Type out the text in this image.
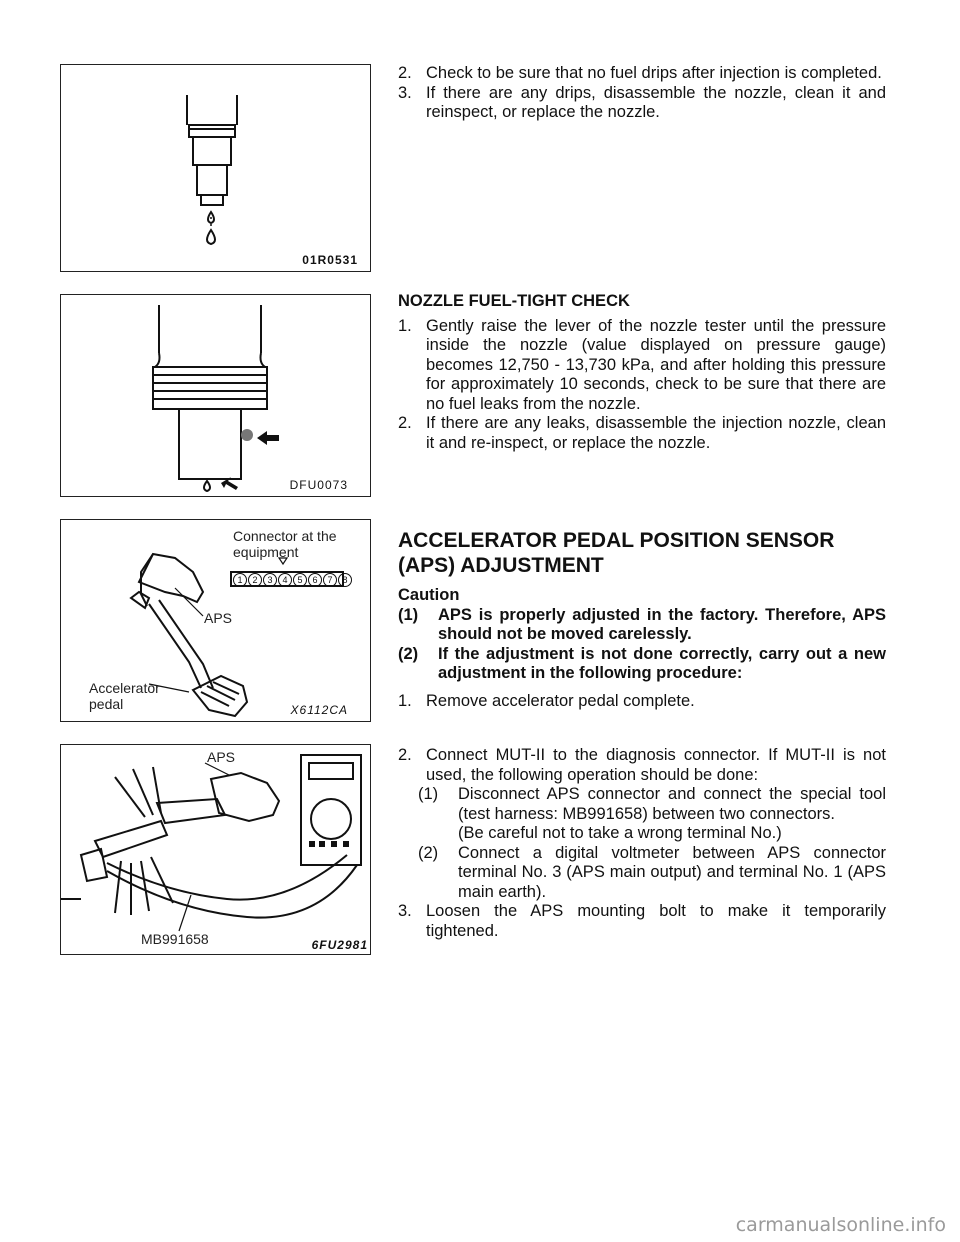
01R0531
DFU0073
1	2	3	4	5	6	7	8
Connector at the
equipment
APS
Accelerator
pedal	X6112CA
APS
MB991658	6FU2981
2. Check to be sure that no fuel drips after injection is completed.
3. If there are any drips, disassemble the nozzle, clean it and reinspect, or replace the nozzle.
NOZZLE FUEL-TIGHT CHECK
1. Gently raise the lever of the nozzle tester until the pressure inside the nozzle (value displayed on pressure gauge) becomes 12,750 - 13,730 kPa, and after holding this pressure for approximately 10 seconds, check to be sure that there are no fuel leaks from the nozzle.
2. If there are any leaks, disassemble the injection nozzle, clean it and re-inspect, or replace the nozzle.
ACCELERATOR PEDAL POSITION SENSOR (APS) ADJUSTMENT
Caution
(1) APS is properly adjusted in the factory. Therefore, APS should not be moved carelessly.
(2) If the adjustment is not done correctly, carry out a new adjustment in the following procedure:
1. Remove accelerator pedal complete.
2. Connect MUT-II to the diagnosis connector. If MUT-II is not used, the following operation should be done:
(1) Disconnect APS connector and connect the special tool (test harness: MB991658) between two connectors.
(Be careful not to take a wrong terminal No.)
(2) Connect a digital voltmeter between APS connector terminal No. 3 (APS main output) and terminal No. 1 (APS main earth).
3. Loosen the APS mounting bolt to make it temporarily tightened.
carmanualsonline.info
